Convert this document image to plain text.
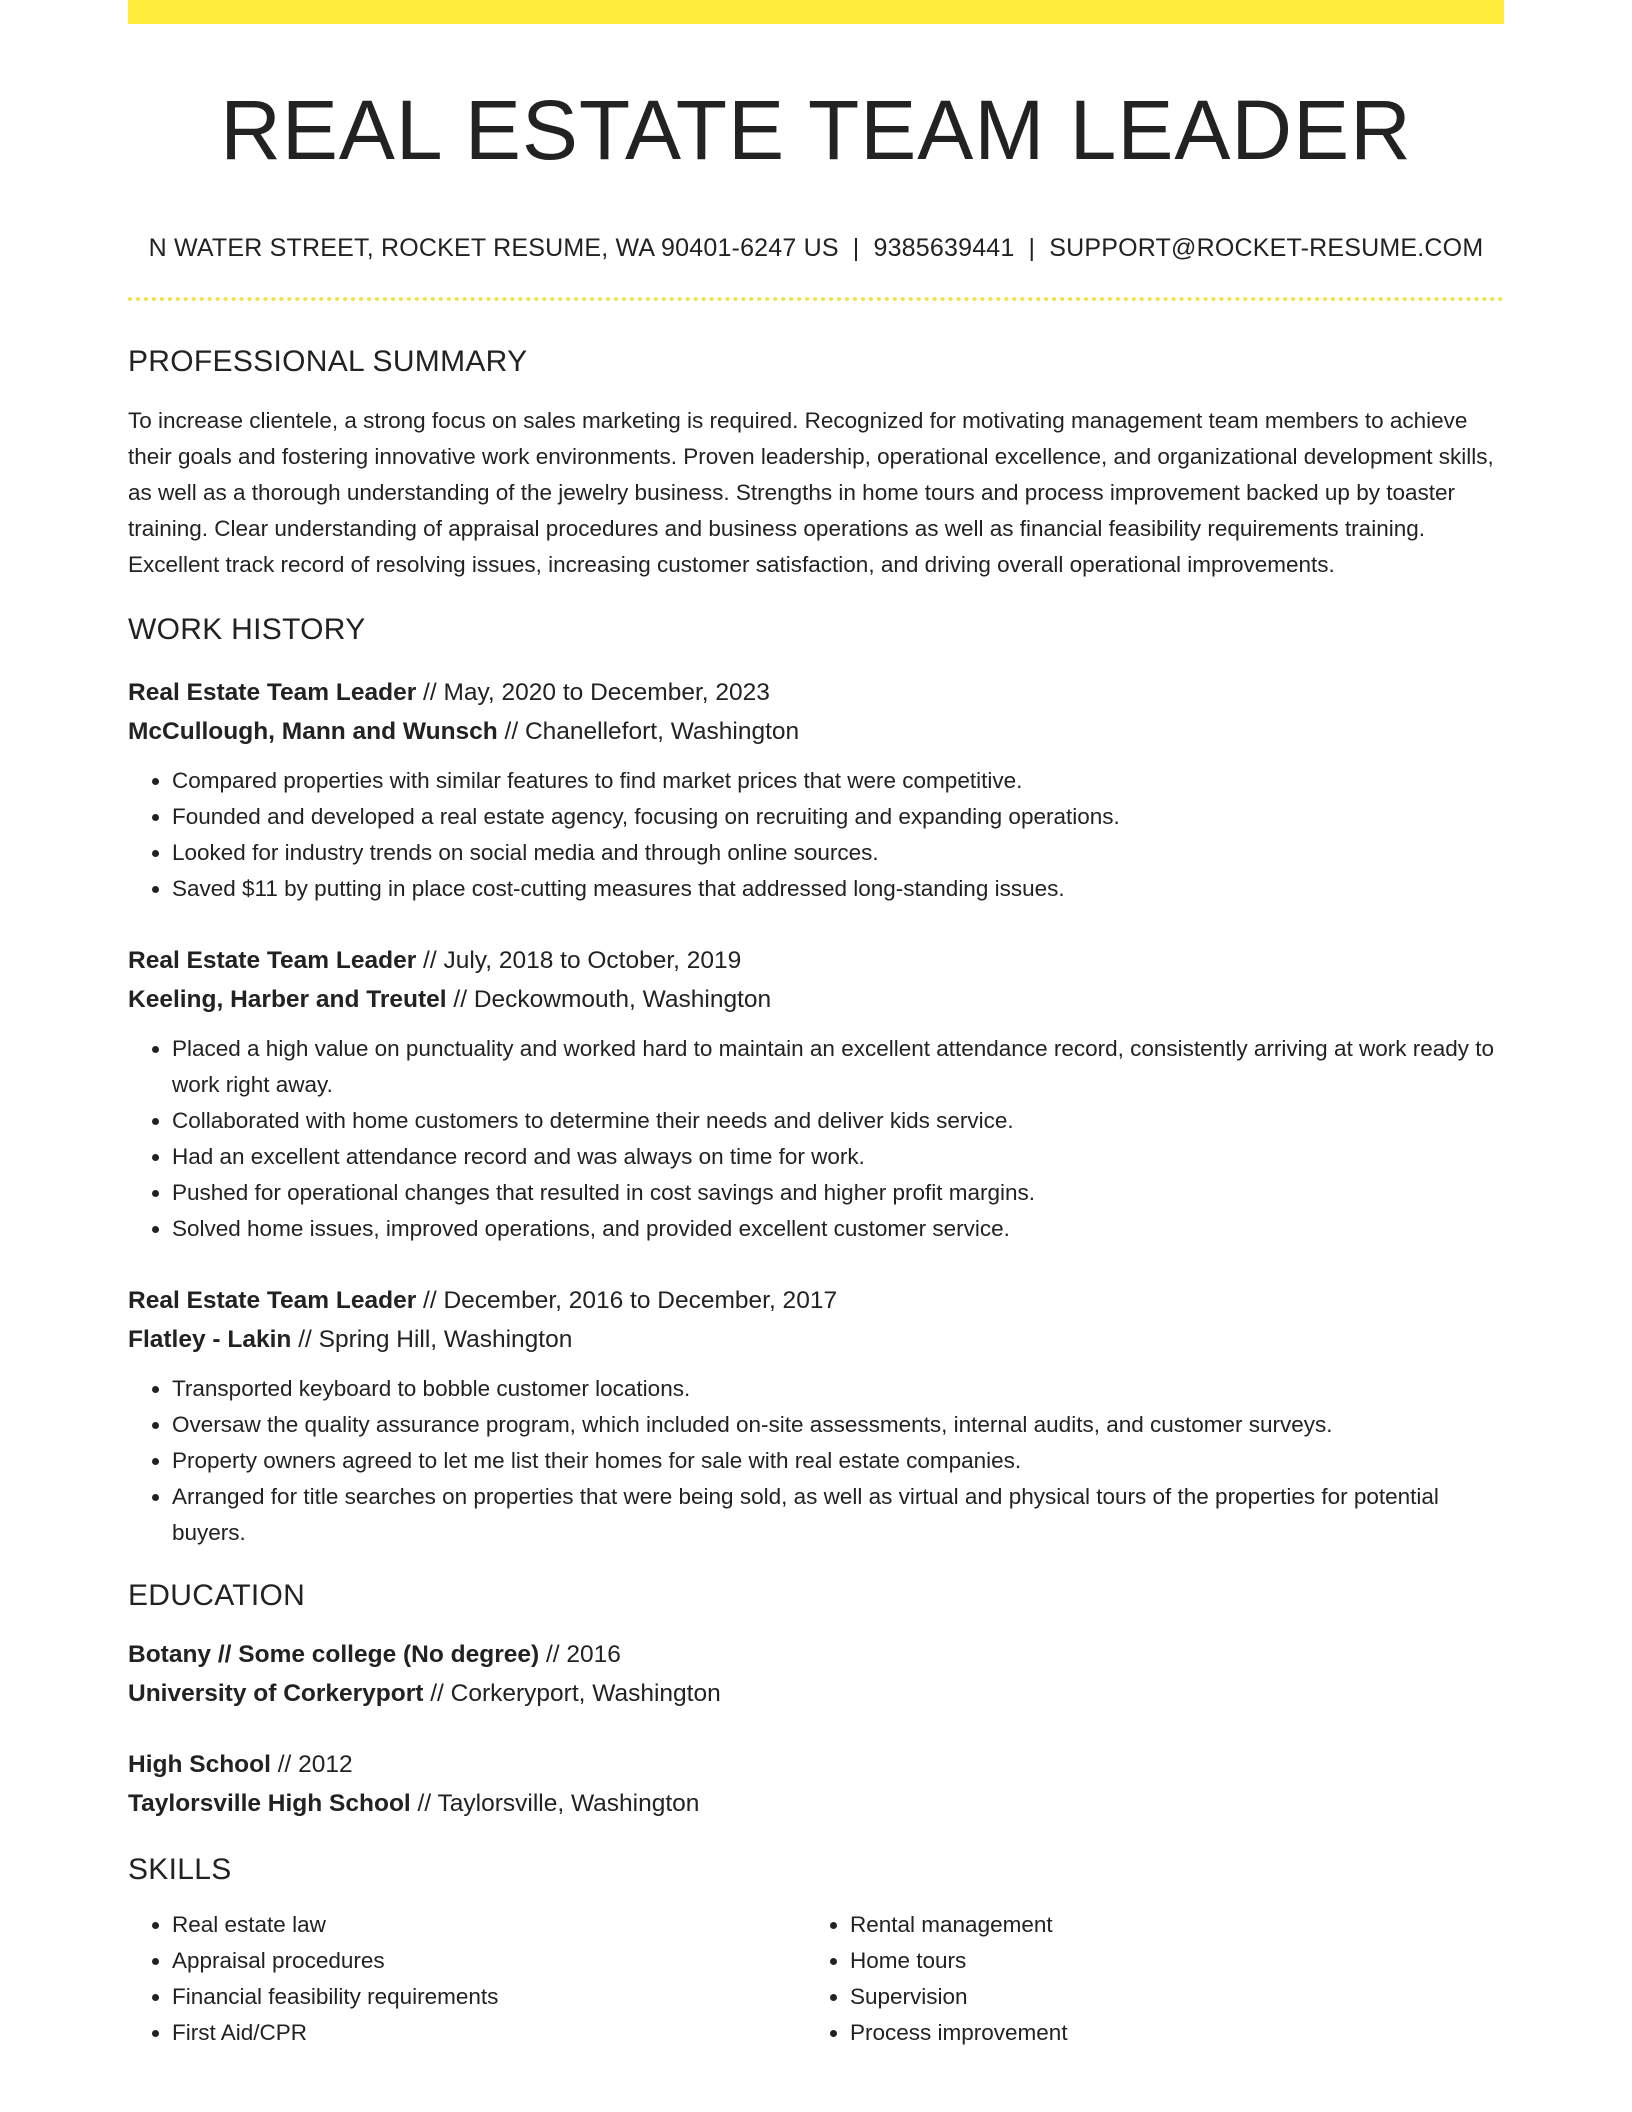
REAL ESTATE TEAM LEADER
N WATER STREET, ROCKET RESUME, WA 90401-6247 US | 9385639441 | SUPPORT@ROCKET-RESUME.COM
PROFESSIONAL SUMMARY

To increase clientele, a strong focus on sales marketing is required. Recognized for motivating management team members to achieve their goals and fostering innovative work environments. Proven leadership, operational excellence, and organizational development skills, as well as a thorough understanding of the jewelry business. Strengths in home tours and process improvement backed up by toaster training. Clear understanding of appraisal procedures and business operations as well as financial feasibility requirements training. Excellent track record of resolving issues, increasing customer satisfaction, and driving overall operational improvements.

WORK HISTORY

Real Estate Team Leader // May, 2020 to December, 2023

McCullough, Mann and Wunsch // Chanellefort, Washington

• Compared properties with similar features to find market prices that were competitive.
• Founded and developed a real estate agency, focusing on recruiting and expanding operations.
• Looked for industry trends on social media and through online sources.
• Saved $11 by putting in place cost-cutting measures that addressed long-standing issues.

Real Estate Team Leader // July, 2018 to October, 2019

Keeling, Harber and Treutel // Deckowmouth, Washington

• Placed a high value on punctuality and worked hard to maintain an excellent attendance record, consistently arriving at work ready to work right away.
• Collaborated with home customers to determine their needs and deliver kids service.
• Had an excellent attendance record and was always on time for work.
• Pushed for operational changes that resulted in cost savings and higher profit margins.
• Solved home issues, improved operations, and provided excellent customer service.

Real Estate Team Leader // December, 2016 to December, 2017

Flatley - Lakin // Spring Hill, Washington

• Transported keyboard to bobble customer locations.
• Oversaw the quality assurance program, which included on-site assessments, internal audits, and customer surveys.
• Property owners agreed to let me list their homes for sale with real estate companies.
• Arranged for title searches on properties that were being sold, as well as virtual and physical tours of the properties for potential buyers.
EDUCATION

Botany // Some college (No degree) // 2016

University of Corkeryport // Corkeryport, Washington

High School // 2012

Taylorsville High School // Taylorsville, Washington

SKILLS
• Real estate law
• Appraisal procedures
• Financial feasibility requirements
• First Aid/CPR
• Rental management
• Home tours
• Supervision
• Process improvement
